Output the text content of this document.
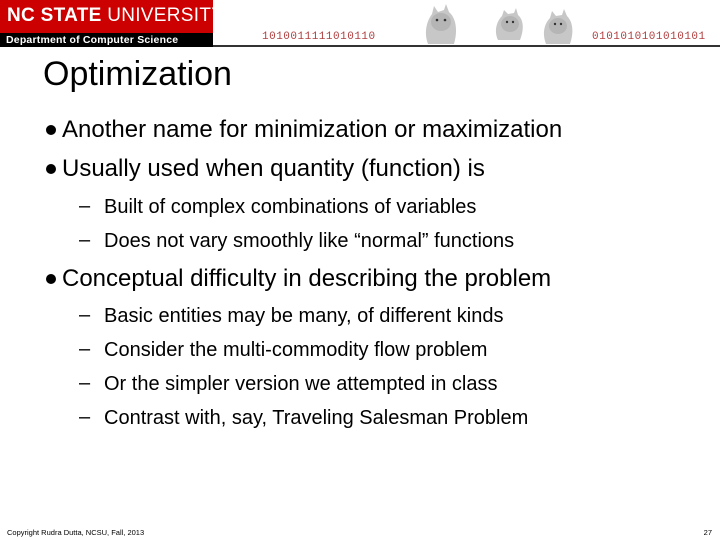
NC STATE UNIVERSITY
Department of Computer Science	1010011111010110	0101010101010101
Optimization
Another name for minimization or maximization
Usually used when quantity (function) is
– Built of complex combinations of variables
– Does not vary smoothly like “normal” functions
Conceptual difficulty in describing the problem
– Basic entities may be many, of different kinds
– Consider the multi-commodity flow problem
– Or the simpler version we attempted in class
– Contrast with, say, Traveling Salesman Problem
Copyright Rudra Dutta, NCSU, Fall, 2013	27
